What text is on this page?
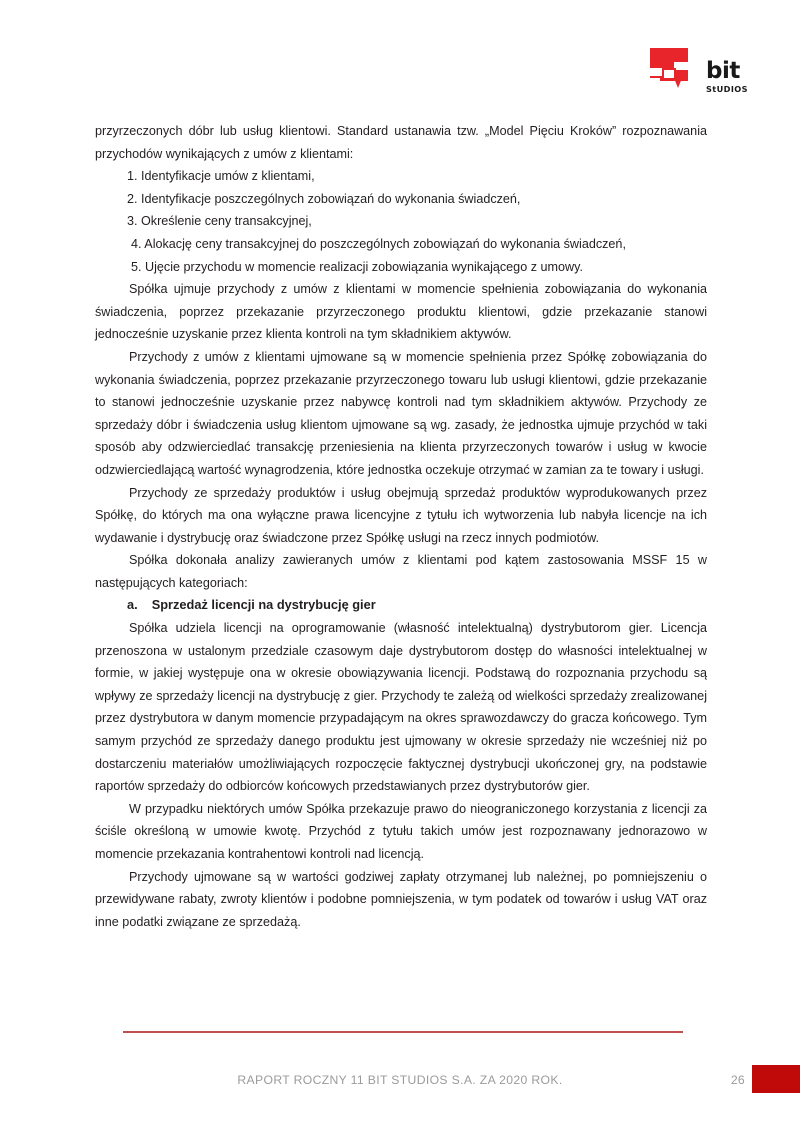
bit
StUDIOS

przyrzeczonych dóbr lub usług klientowi. Standard ustanawia tzw. „Model Pięciu Kroków” rozpoznawania przychodów wynikających z umów z klientami:

1. Identyfikacje umów z klientami,

2. Identyfikacje poszczególnych zobowiązań do wykonania świadczeń,

3. Określenie ceny transakcyjnej,

4. Alokację ceny transakcyjnej do poszczególnych zobowiązań do wykonania świadczeń,

5. Ujęcie przychodu w momencie realizacji zobowiązania wynikającego z umowy.

Spółka ujmuje przychody z umów z klientami w momencie spełnienia zobowiązania do wykonania świadczenia, poprzez przekazanie przyrzeczonego produktu klientowi, gdzie przekazanie stanowi jednocześnie uzyskanie przez klienta kontroli na tym składnikiem aktywów.

Przychody z umów z klientami ujmowane są w momencie spełnienia przez Spółkę zobowiązania do wykonania świadczenia, poprzez przekazanie przyrzeczonego towaru lub usługi klientowi, gdzie przekazanie to stanowi jednocześnie uzyskanie przez nabywcę kontroli nad tym składnikiem aktywów. Przychody ze sprzedaży dóbr i świadczenia usług klientom ujmowane są wg. zasady, że jednostka ujmuje przychód w taki sposób aby odzwierciedlać transakcję przeniesienia na klienta przyrzeczonych towarów i usług w kwocie odzwierciedlającą wartość wynagrodzenia, które jednostka oczekuje otrzymać w zamian za te towary i usługi.

Przychody ze sprzedaży produktów i usług obejmują sprzedaż produktów wyprodukowanych przez Spółkę, do których ma ona wyłączne prawa licencyjne z tytułu ich wytworzenia lub nabyła licencje na ich wydawanie i dystrybucję oraz świadczone przez Spółkę usługi na rzecz innych podmiotów.

Spółka dokonała analizy zawieranych umów z klientami pod kątem zastosowania MSSF 15 w następujących kategoriach:

a. Sprzedaż licencji na dystrybucję gier

Spółka udziela licencji na oprogramowanie (własność intelektualną) dystrybutorom gier. Licencja przenoszona w ustalonym przedziale czasowym daje dystrybutorom dostęp do własności intelektualnej w formie, w jakiej występuje ona w okresie obowiązywania licencji. Podstawą do rozpoznania przychodu są wpływy ze sprzedaży licencji na dystrybucję z gier. Przychody te zależą od wielkości sprzedaży zrealizowanej przez dystrybutora w danym momencie przypadającym na okres sprawozdawczy do gracza końcowego. Tym samym przychód ze sprzedaży danego produktu jest ujmowany w okresie sprzedaży nie wcześniej niż po dostarczeniu materiałów umożliwiających rozpoczęcie faktycznej dystrybucji ukończonej gry, na podstawie raportów sprzedaży do odbiorców końcowych przedstawianych przez dystrybutorów gier.

W przypadku niektórych umów Spółka przekazuje prawo do nieograniczonego korzystania z licencji za ściśle określoną w umowie kwotę. Przychód z tytułu takich umów jest rozpoznawany jednorazowo w momencie przekazania kontrahentowi kontroli nad licencją.

Przychody ujmowane są w wartości godziwej zapłaty otrzymanej lub należnej, po pomniejszeniu o przewidywane rabaty, zwroty klientów i podobne pomniejszenia, w tym podatek od towarów i usług VAT oraz inne podatki związane ze sprzedażą.

RAPORT ROCZNY 11 BIT STUDIOS S.A. ZA 2020 ROK.	26
